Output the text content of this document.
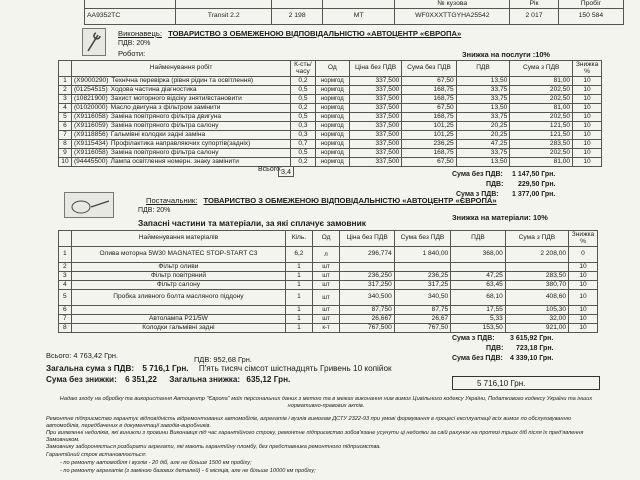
				№ кузова	Рік	Пробіг
АА9352ТС	Transit 2.2	2 198	МТ	WF0XXXTTGYHA25542	2 017	150 584
Виконавець: ТОВАРИСТВО З ОБМЕЖЕНОЮ ВІДПОВІДАЛЬНІСТЮ «АВТОЦЕНТР «ЄВРОПА»
ПДВ: 20%
Роботи:	Знижка на послуги :10%
	Найменування робіт	К-сть/ часу	Од	Ціна без ПДВ	Сума без ПДВ	ПДВ	Сума з ПДВ	Знижка %
1	(X9000290) Технічна перевірка (рівня рідин та освітлення)	0,2	нормгод	337,500	67,50	13,50	81,00	10
2	(01254515) Ходова частина діагностика	0,5	нормгод	337,500	168,75	33,75	202,50	10
3	(10821900) Захист моторного відсіку зняти/встановити	0,5	нормгод	337,500	168,75	33,75	202,50	10
4	(01020000) Масло двигуна з фільтром замінити	0,2	нормгод	337,500	67,50	13,50	81,00	10
5	(X9116058) Заміна повітряного фільтра двигуна	0,5	нормгод	337,500	168,75	33,75	202,50	10
6	(X9116059) Заміна повітряного фільтра салону	0,3	нормгод	337,500	101,25	20,25	121,50	10
7	(X9118856) Гальмівні колодки задні заміна	0,3	нормгод	337,500	101,25	20,25	121,50	10
8	(X9115434) Профілактика направляючих супортів(задніх)	0,7	нормгод	337,500	236,25	47,25	283,50	10
9	(X9116058) Заміна повітряного фільтра салону	0,5	нормгод	337,500	168,75	33,75	202,50	10
10	(94445500) Лампа освітлення номерн. знаку замінити	0,2	нормгод	337,500	67,50	13,50	81,00	10
Всього: 3,4	Сума без ПДВ: 1 147,50 Грн.
ПДВ: 229,50 Грн.
Сума з ПДВ: 1 377,00 Грн.
Постачальник: ТОВАРИСТВО З ОБМЕЖЕНОЮ ВІДПОВІДАЛЬНІСТЮ «АВТОЦЕНТР «ЄВРОПА»
ПДВ: 20%
Запасні частини та матеріали, за які сплачує замовник
Знижка на матеріали: 10%
	Найменування матеріалів	Кіль.	Од	Ціна без ПДВ	Сума без ПДВ	ПДВ	Сума з ПДВ	Знижка %
1	Олива моторна 5W30 MAGNATEC STOP-START C3	6,2	л	296,774	1 840,00	368,00	2 208,00	0
2	Фільтр оливи	1	шт					10
3	Фільтр повітряний	1	шт	236,250	236,25	47,25	283,50	10
4	Фільтр салону	1	шт	317,250	317,25	63,45	380,70	10
5	Пробка зливного болта масляного піддону	1	шт	340,500	340,50	68,10	408,60	10
6		1	шт	87,750	87,75	17,55	105,30	10
7	Автолампа P21/5W	1	шт	26,667	26,67	5,33	32,00	10
8	Колодки гальмівні задні	1	к-т	767,500	767,50	153,50	921,00	10
Сума з ПДВ: 3 615,92 Грн.
ПДВ: 723,18 Грн.
Сума без ПДВ: 4 339,10 Грн.
Всього: 4 763,42 Грн.	ПДВ: 952,68 Грн.
Загальна сума з ПДВ: 5 716,1 Грн. П'ять тисяч сімсот шістнадцять Гривень 10 копійок
Сума без знижки: 6 351,22 Загальна знижка: 635,12 Грн.	5 716,10 Грн.
Надаю згоду на обробку та використання Автоцентр "Європа" моїх персональних даних з метою та в межах виконання ним вимог Цивільного кодексу України, Податкового кодексу України та інших нормативно-правових актів.
Ремонтне підприємство гарантує відповідність відремонтованих автомобілів, агрегатів і вузлів вимогам ДСТУ 2322-93 при умові формування в процесі експлуатації всіх вимог по обслуговуванню автомобілів, передбачених в документації заводів-виробників.
При виявленні недоліків, які виникли з провини Виконавця під час гарантійного строку, ремонтне підприємство зобов'язане усунути ці недоліки за свій рахунок на протязі трьох діб після їх пред'явлення Замовником.
Замовнику забороняється розбирати агрегати, які мають гарантійну пломбу, без представника ремонтного підприємства.
Гарантійний строк встановлюється:
- по ремонту автомобіля і вузлів - 20 діб, але не більше 1500 км пробігу;
- по ремонту агрегатів (з заміною базових деталей) - 6 місяців, але не більше 10000 км пробігу;
